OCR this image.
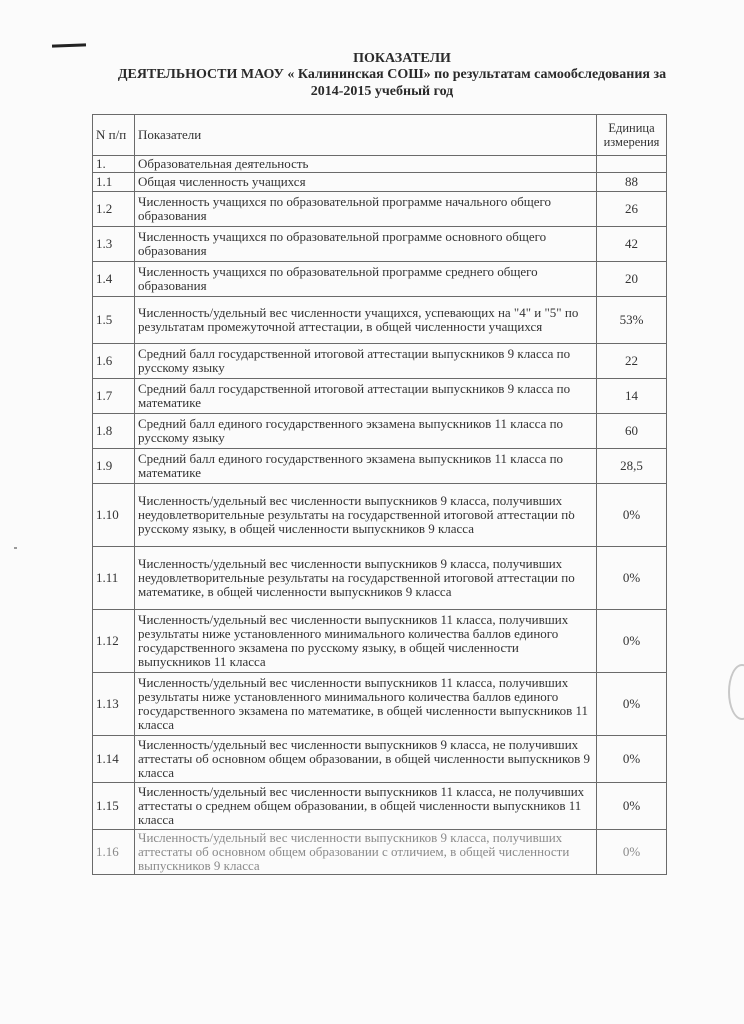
ПОКАЗАТЕЛИ
ДЕЯТЕЛЬНОСТИ МАОУ « Калининская СОШ» по результатам самообследования за
2014-2015 учебный год
N п/п	Показатели	Единица измерения
1.	Образовательная деятельность	
1.1	Общая численность учащихся	88
1.2	Численность учащихся по образовательной программе начального общего образования	26
1.3	Численность учащихся по образовательной программе основного общего образования	42
1.4	Численность учащихся по образовательной программе среднего общего образования	20
1.5	Численность/удельный вес численности учащихся, успевающих на "4" и "5" по результатам промежуточной аттестации, в общей численности учащихся	53%
1.6	Средний балл государственной итоговой аттестации выпускников 9 класса по русскому языку	22
1.7	Средний балл государственной итоговой аттестации выпускников 9 класса по математике	14
1.8	Средний балл единого государственного экзамена выпускников 11 класса по русскому языку	60
1.9	Средний балл единого государственного экзамена выпускников 11 класса по математике	28,5
1.10	Численность/удельный вес численности выпускников 9 класса, получивших неудовлетворительные результаты на государственной итоговой аттестации по русскому языку, в общей численности выпускников 9 класса	0%
1.11	Численность/удельный вес численности выпускников 9 класса, получивших неудовлетворительные результаты на государственной итоговой аттестации по математике, в общей численности выпускников 9 класса	0%
1.12	Численность/удельный вес численности выпускников 11 класса, получивших результаты ниже установленного минимального количества баллов единого государственного экзамена по русскому языку, в общей численности выпускников 11 класса	0%
1.13	Численность/удельный вес численности выпускников 11 класса, получивших результаты ниже установленного минимального количества баллов единого государственного экзамена по математике, в общей численности выпускников 11 класса	0%
1.14	Численность/удельный вес численности выпускников 9 класса, не получивших аттестаты об основном общем образовании, в общей численности выпускников 9 класса	0%
1.15	Численность/удельный вес численности выпускников 11 класса, не получивших аттестаты о среднем общем образовании, в общей численности выпускников 11 класса	0%
1.16	Численность/удельный вес численности выпускников 9 класса, получивших аттестаты об основном общем образовании с отличием, в общей численности выпускников 9 класса	0%
